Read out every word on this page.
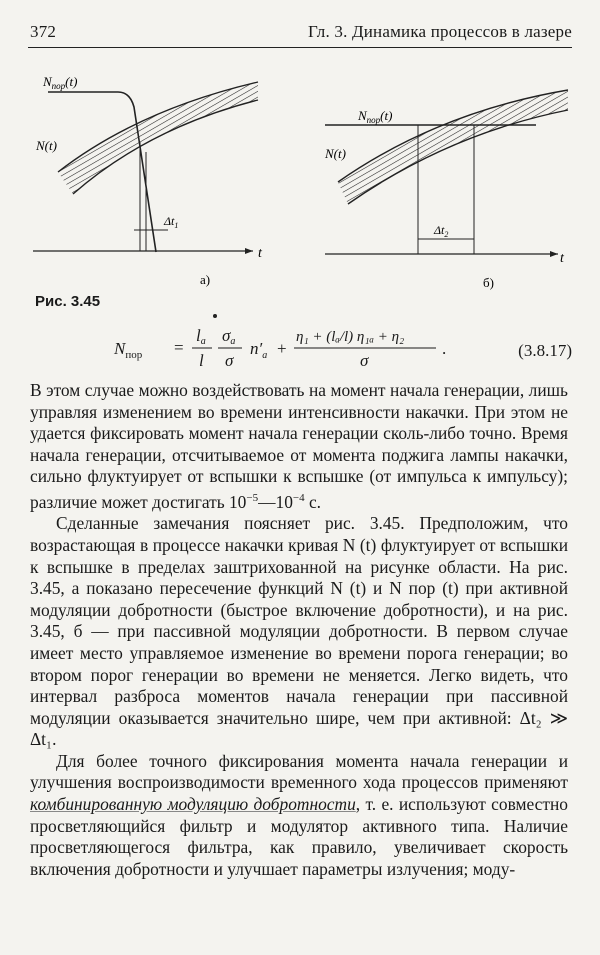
372	Гл. 3. Динамика процессов в лазере
$N_{пор}(t)$
N(t)
$\Delta t_1$
t
а)
$N_{пор}(t)$
N(t)
$\Delta t_2$
t
б)
Рис. 3.45
$N_{пор}$ =
la
l
σa
σ
$n'_a$ +
η₁ + (lₐ/l) η₁ₐ + η₂
σ
.	(3.8.17)

В этом случае можно воздействовать на момент начала генерации, лишь управляя изменением во времени интенсивности накачки. При этом не удается фиксировать момент начала генерации сколь-либо точно. Время начала генерации, отсчитываемое от момента поджига лампы накачки, сильно флуктуирует от вспышки к вспышке (от импульса к импульсу); различие может достигать $10^{-5}—10^{-4}$ с.

Сделанные замечания поясняет рис. 3.45. Предположим, что возрастающая в процессе накачки кривая N (t) флуктуирует от вспышки к вспышке в пределах заштрихованной на рисунке области. На рис. 3.45, а показано пересечение функций N (t) и N пор (t) при активной модуляции добротности (быстрое включение добротности), и на рис. 3.45, б — при пассивной модуляции добротности. В первом случае имеет место управляемое изменение во времени порога генерации; во втором порог генерации во времени не меняется. Легко видеть, что интервал разброса моментов начала генерации при пассивной модуляции оказывается значительно шире, чем при активной: Δt₂ ≫ Δt₁.

Для более точного фиксирования момента начала генерации и улучшения воспроизводимости временного хода процессов применяют комбинированную модуляцию добротности, т. е. используют совместно просветляющийся фильтр и модулятор активного типа. Наличие просветляющегося фильтра, как правило, увеличивает скорость включения добротности и улучшает параметры излучения; моду-
